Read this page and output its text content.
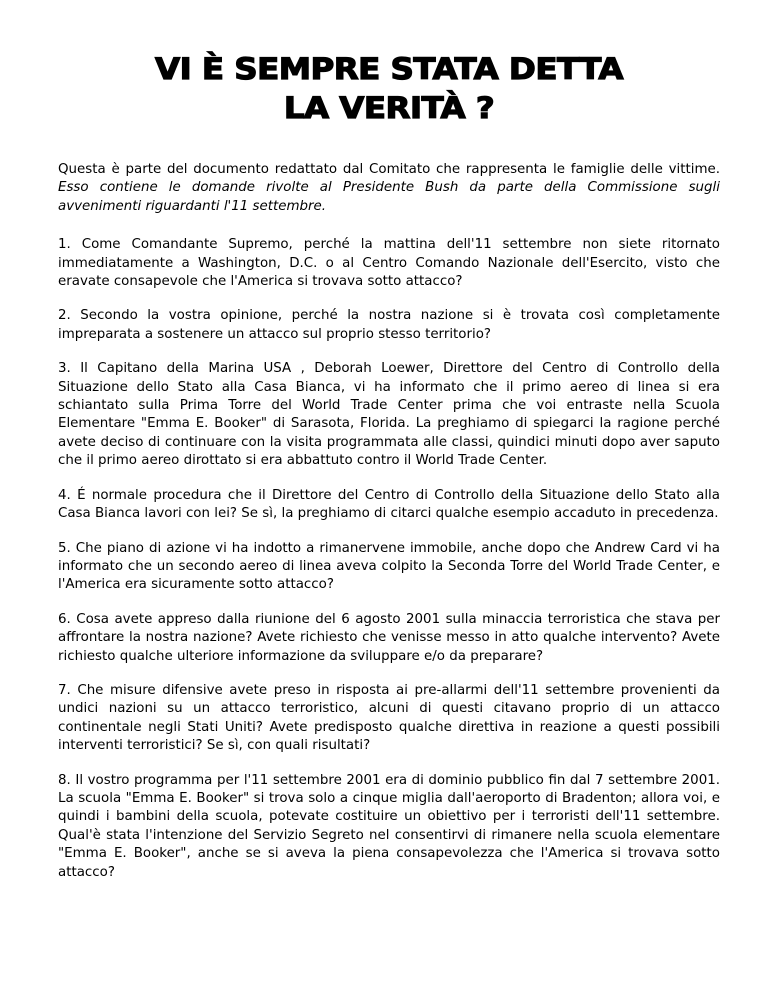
VI È SEMPRE STATA DETTA
LA VERITÀ ?

Questa è parte del documento redattato dal Comitato che rappresenta le famiglie delle vittime. Esso contiene le domande rivolte al Presidente Bush da parte della Commissione sugli avvenimenti riguardanti l'11 settembre.

1. Come Comandante Supremo, perché la mattina dell'11 settembre non siete ritornato immediatamente a Washington, D.C. o al Centro Comando Nazionale dell'Esercito, visto che eravate consapevole che l'America si trovava sotto attacco?

2. Secondo la vostra opinione, perché la nostra nazione si è trovata così completamente impreparata a sostenere un attacco sul proprio stesso territorio?

3. Il Capitano della Marina USA , Deborah Loewer, Direttore del Centro di Controllo della Situazione dello Stato alla Casa Bianca, vi ha informato che il primo aereo di linea si era schiantato sulla Prima Torre del World Trade Center prima che voi entraste nella Scuola Elementare "Emma E. Booker" di Sarasota, Florida. La preghiamo di spiegarci la ragione perché avete deciso di continuare con la visita programmata alle classi, quindici minuti dopo aver saputo che il primo aereo dirottato si era abbattuto contro il World Trade Center.

4. É normale procedura che il Direttore del Centro di Controllo della Situazione dello Stato alla Casa Bianca lavori con lei? Se sì, la preghiamo di citarci qualche esempio accaduto in precedenza.

5. Che piano di azione vi ha indotto a rimanervene immobile, anche dopo che Andrew Card vi ha informato che un secondo aereo di linea aveva colpito la Seconda Torre del World Trade Center, e l'America era sicuramente sotto attacco?

6. Cosa avete appreso dalla riunione del 6 agosto 2001 sulla minaccia terroristica che stava per affrontare la nostra nazione? Avete richiesto che venisse messo in atto qualche intervento? Avete richiesto qualche ulteriore informazione da sviluppare e/o da preparare?

7. Che misure difensive avete preso in risposta ai pre-allarmi dell'11 settembre provenienti da undici nazioni su un attacco terroristico, alcuni di questi citavano proprio di un attacco continentale negli Stati Uniti? Avete predisposto qualche direttiva in reazione a questi possibili interventi terroristici? Se sì, con quali risultati?

8. Il vostro programma per l'11 settembre 2001 era di dominio pubblico fin dal 7 settembre 2001. La scuola "Emma E. Booker" si trova solo a cinque miglia dall'aeroporto di Bradenton; allora voi, e quindi i bambini della scuola, potevate costituire un obiettivo per i terroristi dell'11 settembre. Qual'è stata l'intenzione del Servizio Segreto nel consentirvi di rimanere nella scuola elementare "Emma E. Booker", anche se si aveva la piena consapevolezza che l'America si trovava sotto attacco?
